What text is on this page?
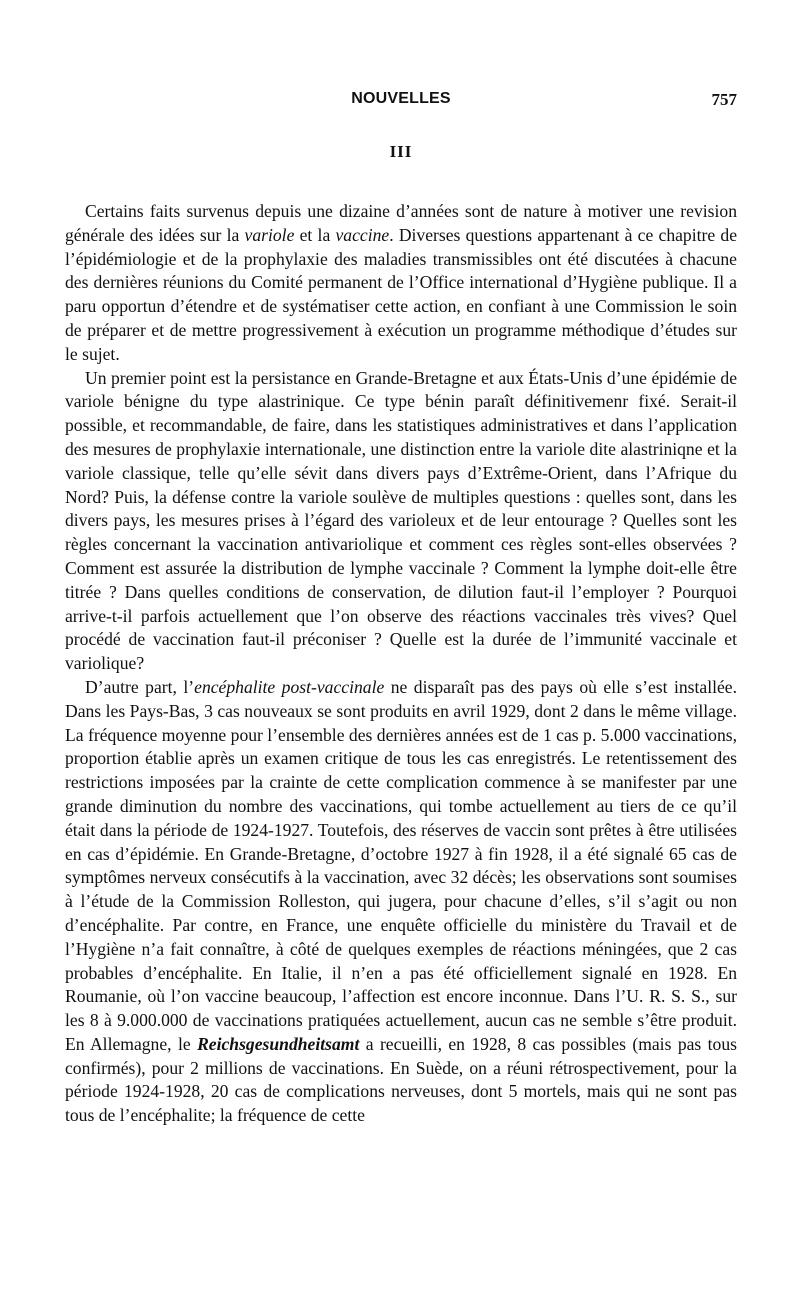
NOUVELLES	757
III

Certains faits survenus depuis une dizaine d’années sont de nature à motiver une revision générale des idées sur la variole et la vaccine. Diverses questions appartenant à ce chapitre de l’épidémiologie et de la prophylaxie des maladies transmissibles ont été discutées à chacune des dernières réunions du Comité permanent de l’Office international d’Hygiène publique. Il a paru opportun d’étendre et de systématiser cette action, en confiant à une Commission le soin de préparer et de mettre progressivement à exécution un programme méthodique d’études sur le sujet.

Un premier point est la persistance en Grande-Bretagne et aux États-Unis d’une épidémie de variole bénigne du type alastrinique. Ce type bénin paraît définitivemenr fixé. Serait-il possible, et recommandable, de faire, dans les statistiques administratives et dans l’application des mesures de prophylaxie internationale, une distinction entre la variole dite alastriniqne et la variole classique, telle qu’elle sévit dans divers pays d’Extrême-Orient, dans l’Afrique du Nord? Puis, la défense contre la variole soulève de multiples questions : quelles sont, dans les divers pays, les mesures prises à l’égard des varioleux et de leur entourage ? Quelles sont les règles concernant la vaccination antivariolique et comment ces règles sont-elles observées ? Comment est assurée la distribution de lymphe vaccinale ? Comment la lymphe doit-elle être titrée ? Dans quelles conditions de conservation, de dilution faut-il l’employer ? Pourquoi arrive-t-il parfois actuellement que l’on observe des réactions vaccinales très vives? Quel procédé de vaccination faut-il préconiser ? Quelle est la durée de l’immunité vaccinale et variolique?

D’autre part, l’encéphalite post-vaccinale ne disparaît pas des pays où elle s’est installée. Dans les Pays-Bas, 3 cas nouveaux se sont produits en avril 1929, dont 2 dans le même village. La fréquence moyenne pour l’ensemble des dernières années est de 1 cas p. 5.000 vaccinations, proportion établie après un examen critique de tous les cas enregistrés. Le retentissement des restrictions imposées par la crainte de cette complication commence à se manifester par une grande diminution du nombre des vaccinations, qui tombe actuellement au tiers de ce qu’il était dans la période de 1924-1927. Toutefois, des réserves de vaccin sont prêtes à être utilisées en cas d’épidémie. En Grande-Bretagne, d’octobre 1927 à fin 1928, il a été signalé 65 cas de symptômes nerveux consécutifs à la vaccination, avec 32 décès; les observations sont soumises à l’étude de la Commission Rolleston, qui jugera, pour chacune d’elles, s’il s’agit ou non d’encéphalite. Par contre, en France, une enquête officielle du ministère du Travail et de l’Hygiène n’a fait connaître, à côté de quelques exemples de réactions méningées, que 2 cas probables d’encéphalite. En Italie, il n’en a pas été officiellement signalé en 1928. En Roumanie, où l’on vaccine beaucoup, l’affection est encore inconnue. Dans l’U. R. S. S., sur les 8 à 9.000.000 de vaccinations pratiquées actuellement, aucun cas ne semble s’être produit. En Allemagne, le Reichsgesundheitsamt a recueilli, en 1928, 8 cas possibles (mais pas tous confirmés), pour 2 millions de vaccinations. En Suède, on a réuni rétrospectivement, pour la période 1924-1928, 20 cas de complications nerveuses, dont 5 mortels, mais qui ne sont pas tous de l’encéphalite; la fréquence de cette
